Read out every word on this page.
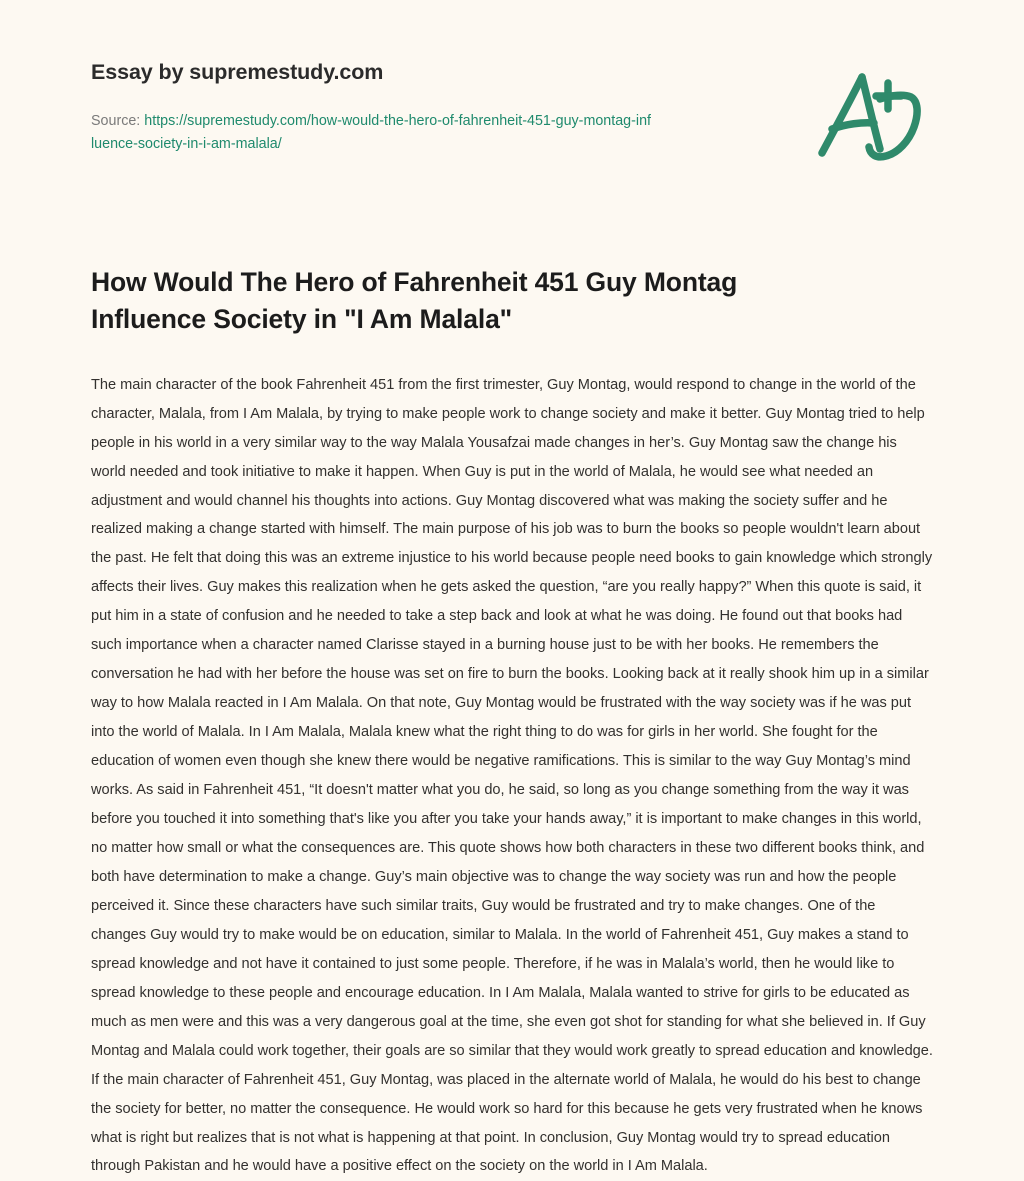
Essay by supremestudy.com
Source: https://supremestudy.com/how-would-the-hero-of-fahrenheit-451-guy-montag-influence-society-in-i-am-malala/
How Would The Hero of Fahrenheit 451 Guy Montag Influence Society in "I Am Malala"

The main character of the book Fahrenheit 451 from the first trimester, Guy Montag, would respond to change in the world of the character, Malala, from I Am Malala, by trying to make people work to change society and make it better. Guy Montag tried to help people in his world in a very similar way to the way Malala Yousafzai made changes in her’s. Guy Montag saw the change his world needed and took initiative to make it happen. When Guy is put in the world of Malala, he would see what needed an adjustment and would channel his thoughts into actions. Guy Montag discovered what was making the society suffer and he realized making a change started with himself. The main purpose of his job was to burn the books so people wouldn't learn about the past. He felt that doing this was an extreme injustice to his world because people need books to gain knowledge which strongly affects their lives. Guy makes this realization when he gets asked the question, “are you really happy?” When this quote is said, it put him in a state of confusion and he needed to take a step back and look at what he was doing. He found out that books had such importance when a character named Clarisse stayed in a burning house just to be with her books. He remembers the conversation he had with her before the house was set on fire to burn the books. Looking back at it really shook him up in a similar way to how Malala reacted in I Am Malala. On that note, Guy Montag would be frustrated with the way society was if he was put into the world of Malala. In I Am Malala, Malala knew what the right thing to do was for girls in her world. She fought for the education of women even though she knew there would be negative ramifications. This is similar to the way Guy Montag’s mind works. As said in Fahrenheit 451, “It doesn't matter what you do, he said, so long as you change something from the way it was before you touched it into something that's like you after you take your hands away,” it is important to make changes in this world, no matter how small or what the consequences are. This quote shows how both characters in these two different books think, and both have determination to make a change. Guy’s main objective was to change the way society was run and how the people perceived it. Since these characters have such similar traits, Guy would be frustrated and try to make changes. One of the changes Guy would try to make would be on education, similar to Malala. In the world of Fahrenheit 451, Guy makes a stand to spread knowledge and not have it contained to just some people. Therefore, if he was in Malala’s world, then he would like to spread knowledge to these people and encourage education. In I Am Malala, Malala wanted to strive for girls to be educated as much as men were and this was a very dangerous goal at the time, she even got shot for standing for what she believed in. If Guy Montag and Malala could work together, their goals are so similar that they would work greatly to spread education and knowledge. If the main character of Fahrenheit 451, Guy Montag, was placed in the alternate world of Malala, he would do his best to change the society for better, no matter the consequence. He would work so hard for this because he gets very frustrated when he knows what is right but realizes that is not what is happening at that point. In conclusion, Guy Montag would try to spread education through Pakistan and he would have a positive effect on the society on the world in I Am Malala.
